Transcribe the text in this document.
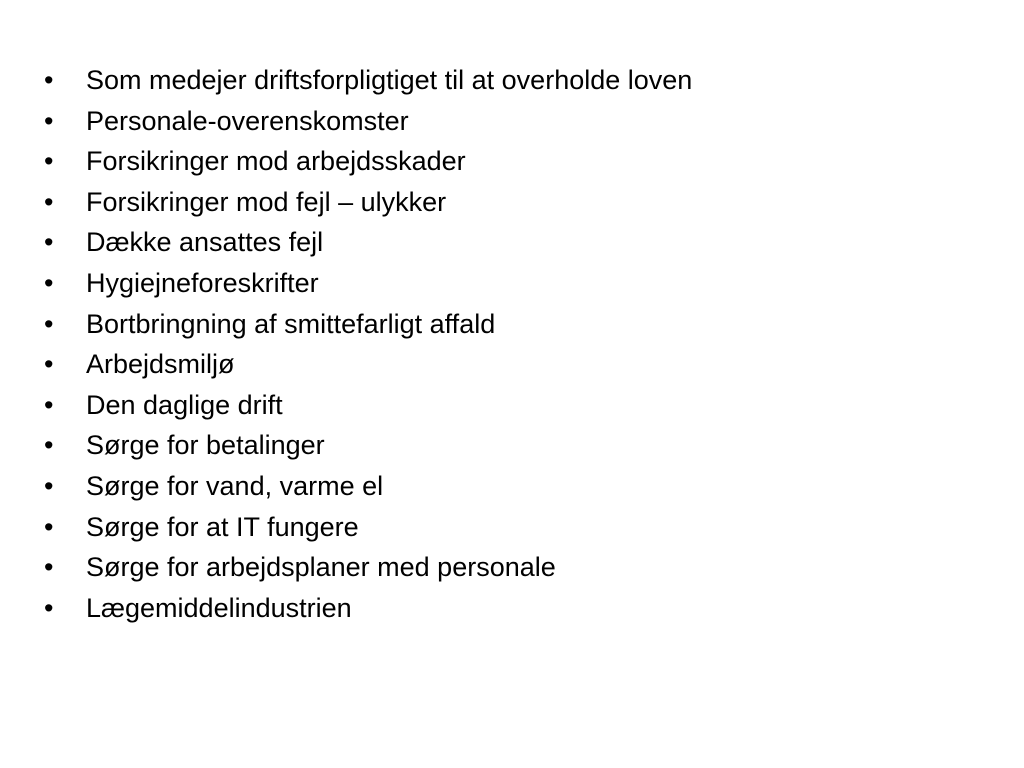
•	Som medejer driftsforpligtiget til at overholde loven
•	Personale-overenskomster
•	Forsikringer mod arbejdsskader
•	Forsikringer mod fejl – ulykker
•	Dække ansattes fejl
•	Hygiejneforeskrifter
•	Bortbringning af smittefarligt affald
•	Arbejdsmiljø
•	Den daglige drift
•	Sørge for betalinger
•	Sørge for vand, varme el
•	Sørge for at IT fungere
•	Sørge for arbejdsplaner med personale
•	Lægemiddelindustrien
